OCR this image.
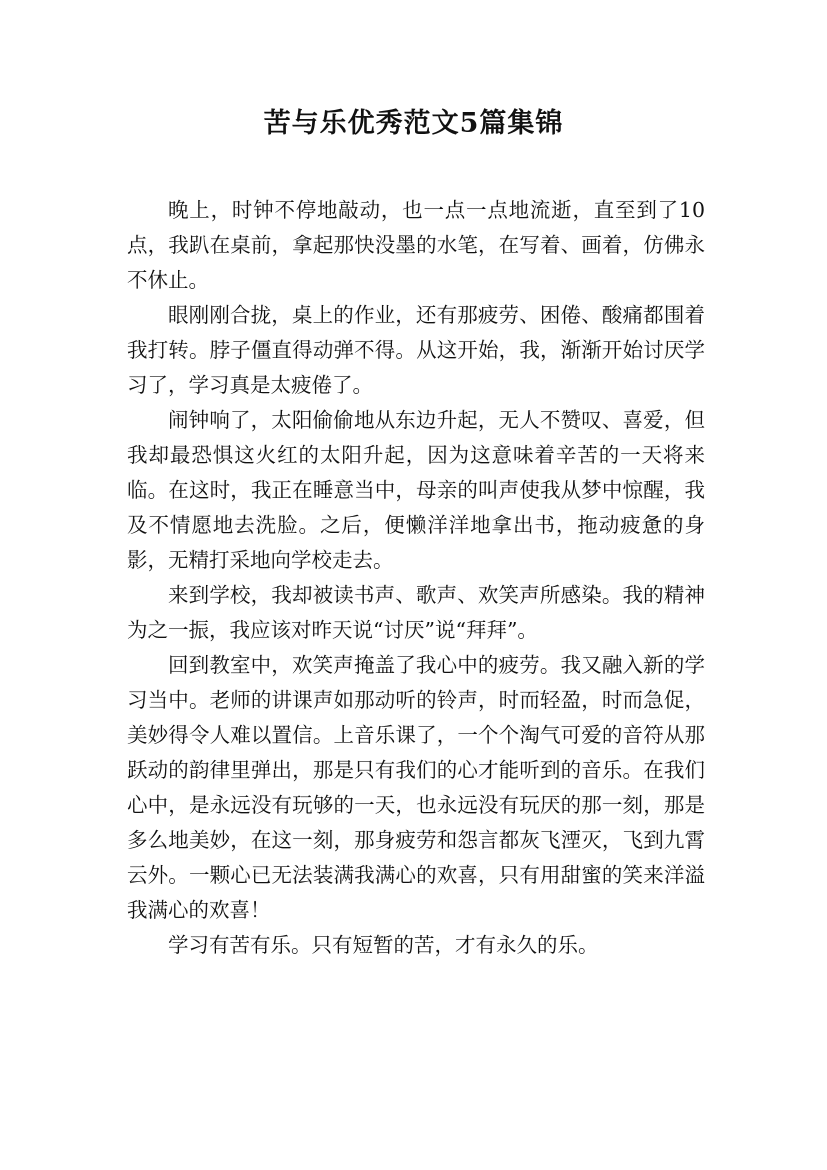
苦与乐优秀范文5篇集锦

晚上，时钟不停地敲动，也一点一点地流逝，直至到了10点，我趴在桌前，拿起那快没墨的水笔，在写着、画着，仿佛永不休止。

眼刚刚合拢，桌上的作业，还有那疲劳、困倦、酸痛都围着我打转。脖子僵直得动弹不得。从这开始，我，渐渐开始讨厌学习了，学习真是太疲倦了。

闹钟响了，太阳偷偷地从东边升起，无人不赞叹、喜爱，但我却最恐惧这火红的太阳升起，因为这意味着辛苦的一天将来临。在这时，我正在睡意当中，母亲的叫声使我从梦中惊醒，我及不情愿地去洗脸。之后，便懒洋洋地拿出书，拖动疲惫的身影，无精打采地向学校走去。

来到学校，我却被读书声、歌声、欢笑声所感染。我的精神为之一振，我应该对昨天说“讨厌”说“拜拜”。

回到教室中，欢笑声掩盖了我心中的疲劳。我又融入新的学习当中。老师的讲课声如那动听的铃声，时而轻盈，时而急促，美妙得令人难以置信。上音乐课了，一个个淘气可爱的音符从那跃动的韵律里弹出，那是只有我们的心才能听到的音乐。在我们心中，是永远没有玩够的一天，也永远没有玩厌的那一刻，那是多么地美妙，在这一刻，那身疲劳和怨言都灰飞湮灭，飞到九霄云外。一颗心已无法装满我满心的欢喜，只有用甜蜜的笑来洋溢我满心的欢喜！

学习有苦有乐。只有短暂的苦，才有永久的乐。
